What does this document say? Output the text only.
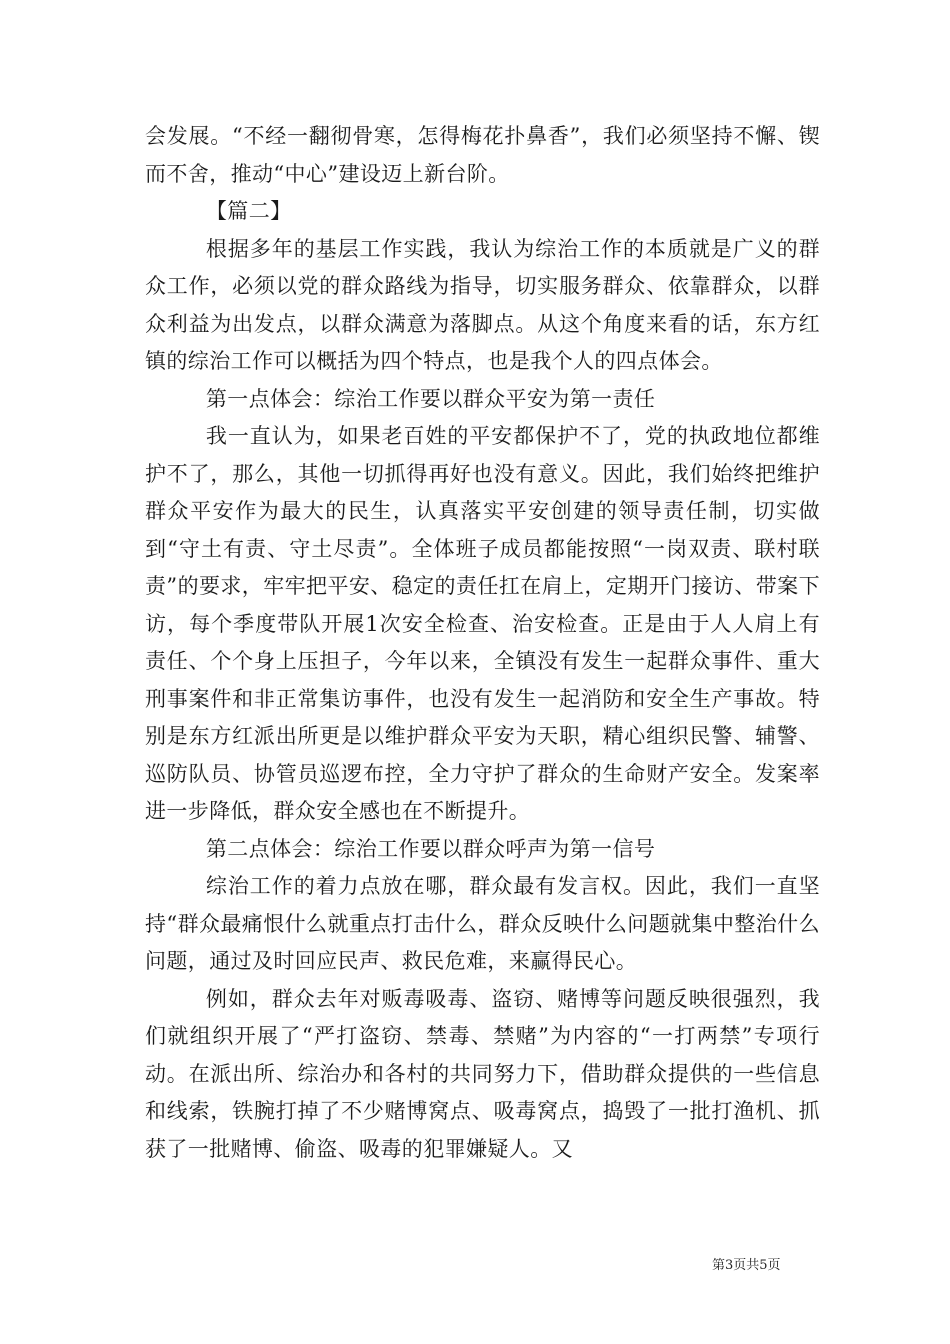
会发展。“不经一翻彻骨寒，怎得梅花扑鼻香”，我们必须坚持不懈、锲而不舍，推动“中心”建设迈上新台阶。

【篇二】

根据多年的基层工作实践，我认为综治工作的本质就是广义的群众工作，必须以党的群众路线为指导，切实服务群众、依靠群众，以群众利益为出发点，以群众满意为落脚点。从这个角度来看的话，东方红镇的综治工作可以概括为四个特点，也是我个人的四点体会。

第一点体会：综治工作要以群众平安为第一责任

我一直认为，如果老百姓的平安都保护不了，党的执政地位都维护不了，那么，其他一切抓得再好也没有意义。因此，我们始终把维护群众平安作为最大的民生，认真落实平安创建的领导责任制，切实做到“守土有责、守土尽责”。全体班子成员都能按照“一岗双责、联村联责”的要求，牢牢把平安、稳定的责任扛在肩上，定期开门接访、带案下访，每个季度带队开展1次安全检查、治安检查。正是由于人人肩上有责任、个个身上压担子，今年以来，全镇没有发生一起群众事件、重大刑事案件和非正常集访事件，也没有发生一起消防和安全生产事故。特别是东方红派出所更是以维护群众平安为天职，精心组织民警、辅警、巡防队员、协管员巡逻布控，全力守护了群众的生命财产安全。发案率进一步降低，群众安全感也在不断提升。

第二点体会：综治工作要以群众呼声为第一信号

综治工作的着力点放在哪，群众最有发言权。因此，我们一直坚持“群众最痛恨什么就重点打击什么，群众反映什么问题就集中整治什么问题，通过及时回应民声、救民危难，来赢得民心。

例如，群众去年对贩毒吸毒、盗窃、赌博等问题反映很强烈，我们就组织开展了“严打盗窃、禁毒、禁赌”为内容的“一打两禁”专项行动。在派出所、综治办和各村的共同努力下，借助群众提供的一些信息和线索，铁腕打掉了不少赌博窝点、吸毒窝点，捣毁了一批打渔机、抓获了一批赌博、偷盗、吸毒的犯罪嫌疑人。又

第3页共5页
